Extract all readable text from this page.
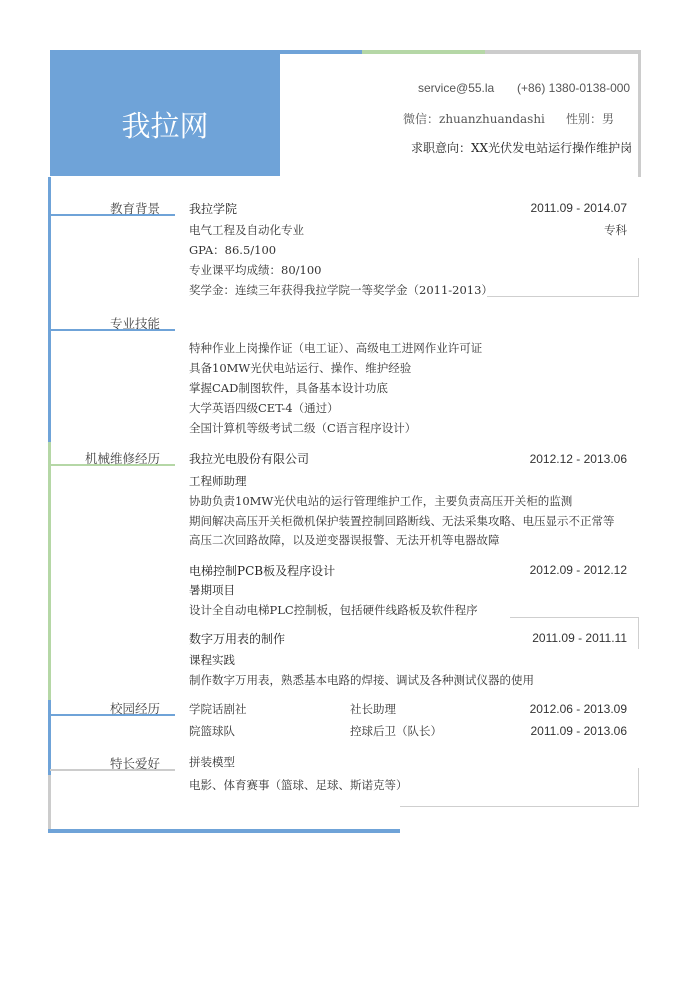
我拉网
service@55.la (+86) 1380-0138-000
微信：zhuanzhuandashi 性别：男
求职意向：XX光伏发电站运行操作维护岗
教育背景 我拉学院	2011.09 - 2014.07
电气工程及自动化专业	专科
GPA：86.5/100
专业课平均成绩：80/100
奖学金：连续三年获得我拉学院一等奖学金（2011-2013）
专业技能
特种作业上岗操作证（电工证）、高级电工进网作业许可证
具备10MW光伏电站运行、操作、维护经验
掌握CAD制图软件，具备基本设计功底
大学英语四级CET-4（通过）
全国计算机等级考试二级（C语言程序设计）
机械维修经历 我拉光电股份有限公司	2012.12 - 2013.06
工程师助理
协助负责10MW光伏电站的运行管理维护工作，主要负责高压开关柜的监测
期间解决高压开关柜微机保护装置控制回路断线、无法采集攻略、电压显示不正常等
高压二次回路故障，以及逆变器误报警、无法开机等电器故障
电梯控制PCB板及程序设计	2012.09 - 2012.12
暑期项目
设计全自动电梯PLC控制板，包括硬件线路板及软件程序
数字万用表的制作	2011.09 - 2011.11
课程实践
制作数字万用表，熟悉基本电路的焊接、调试及各种测试仪器的使用
校园经历	学院话剧社	社长助理	2012.06 - 2013.09
院篮球队	控球后卫（队长）	2011.09 - 2013.06
特长爱好	拼装模型
电影、体育赛事（篮球、足球、斯诺克等）
